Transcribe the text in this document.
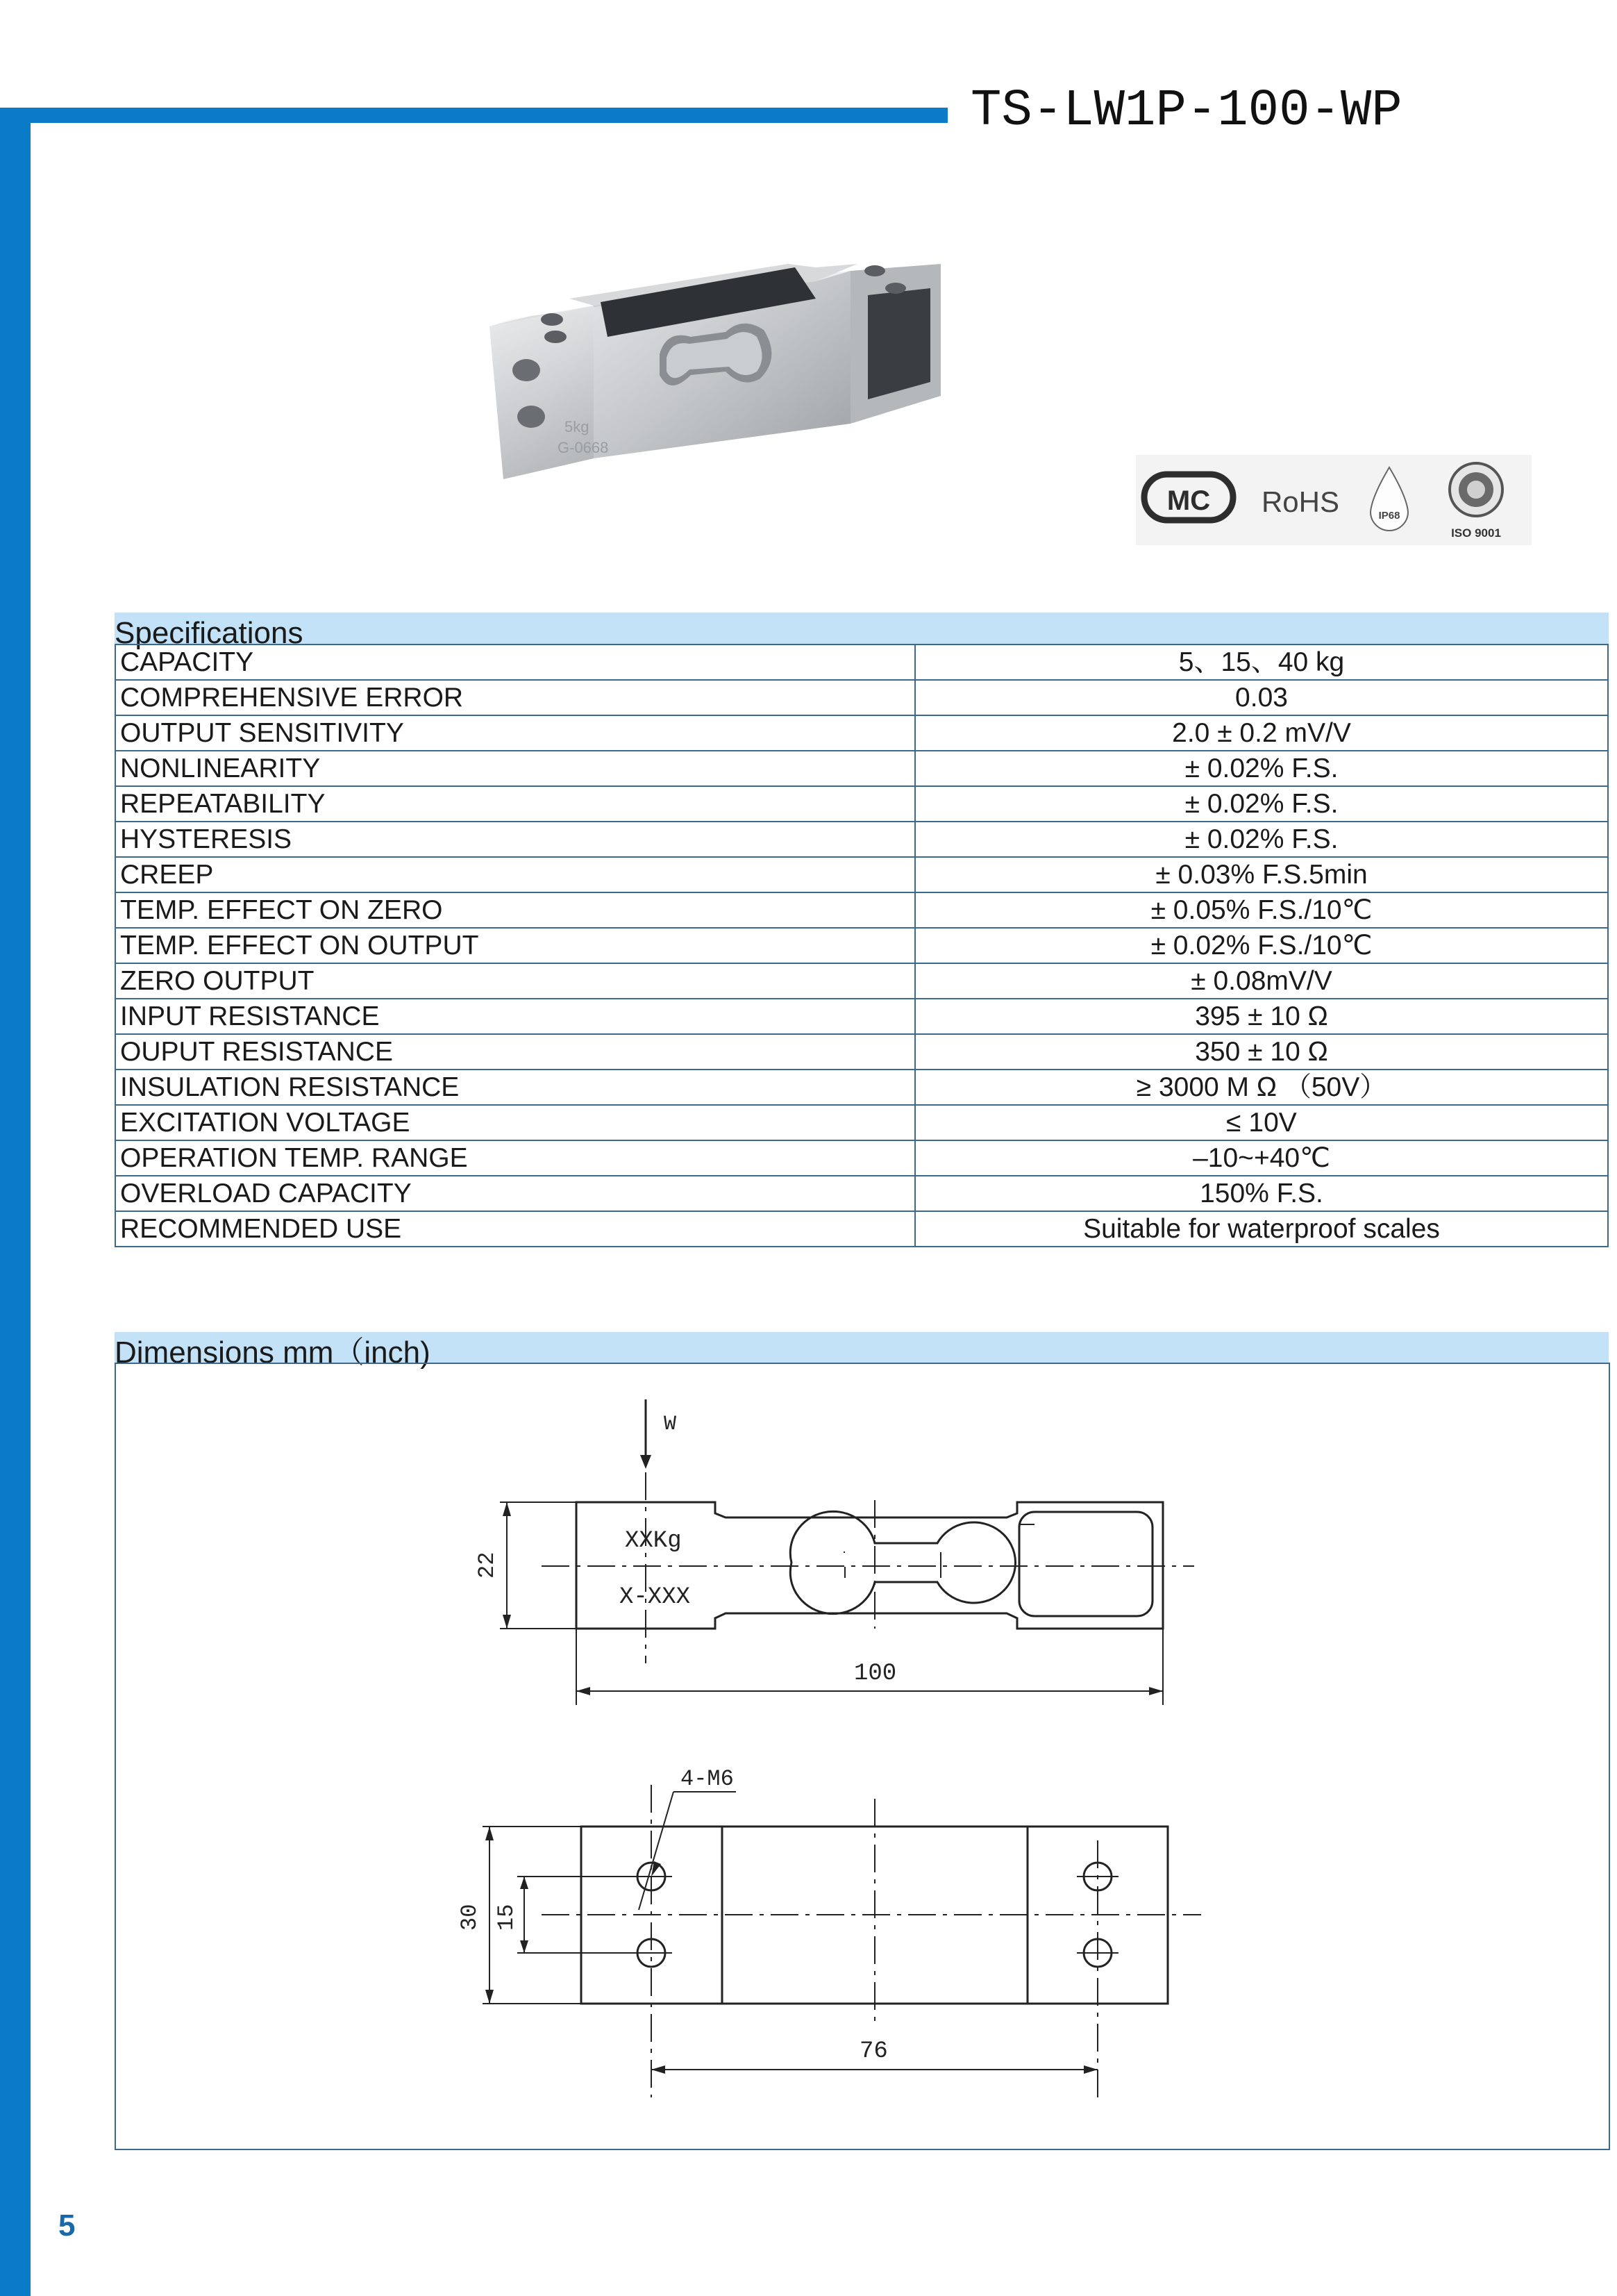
TS-LW1P-100-WP
5kg
G-0668
MC RoHS	IP68
ISO 9001
Specifications
CAPACITY	5、15、40 kg
COMPREHENSIVE ERROR	0.03
OUTPUT SENSITIVITY	2.0 ± 0.2 mV/V
NONLINEARITY	± 0.02% F.S.
REPEATABILITY	± 0.02% F.S.
HYSTERESIS	± 0.02% F.S.
CREEP	± 0.03% F.S.5min
TEMP. EFFECT ON ZERO	± 0.05% F.S./10℃
TEMP. EFFECT ON OUTPUT	± 0.02% F.S./10℃
ZERO OUTPUT	± 0.08mV/V
INPUT RESISTANCE	395 ± 10 Ω
OUPUT RESISTANCE	350 ± 10 Ω
INSULATION RESISTANCE	≥ 3000 M Ω （50V）
EXCITATION VOLTAGE	≤ 10V
OPERATION TEMP. RANGE	–10~+40℃
OVERLOAD CAPACITY	150% F.S.
RECOMMENDED USE	Suitable for waterproof scales
Dimensions mm（inch)
W
XXKg
X-XXX
22
100
4-M6
30 15
76
5
